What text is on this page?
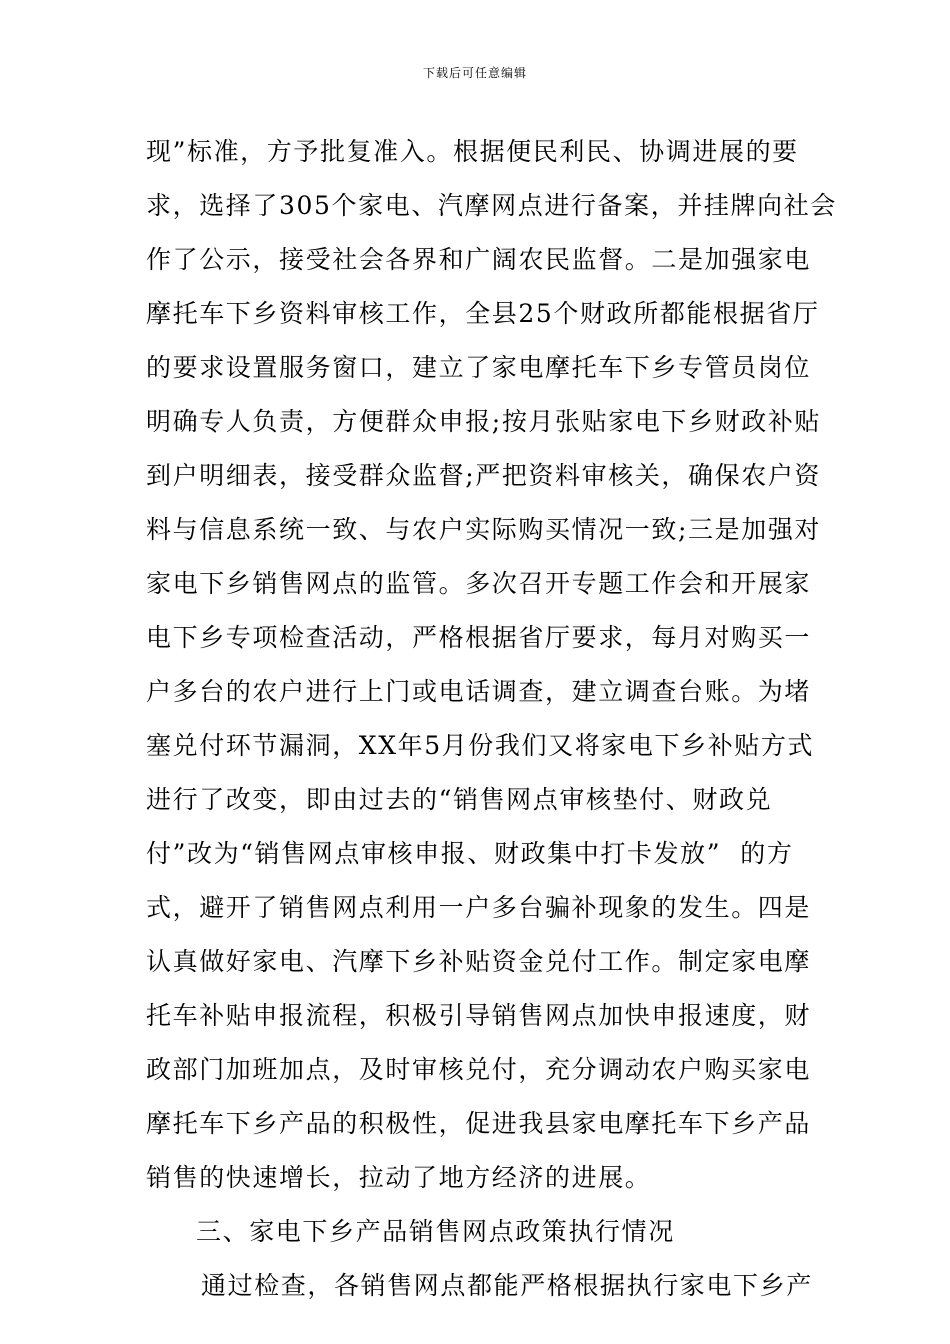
下载后可任意编辑
现”标准，方予批复准入。根据便民利民、协调进展的要
求，选择了305个家电、汽摩网点进行备案，并挂牌向社会
作了公示，接受社会各界和广阔农民监督。二是加强家电
摩托车下乡资料审核工作，全县25个财政所都能根据省厅
的要求设置服务窗口，建立了家电摩托车下乡专管员岗位
明确专人负责，方便群众申报;按月张贴家电下乡财政补贴
到户明细表，接受群众监督;严把资料审核关，确保农户资
料与信息系统一致、与农户实际购买情况一致;三是加强对
家电下乡销售网点的监管。多次召开专题工作会和开展家
电下乡专项检查活动，严格根据省厅要求，每月对购买一
户多台的农户进行上门或电话调查，建立调查台账。为堵
塞兑付环节漏洞，XX年5月份我们又将家电下乡补贴方式
进行了改变，即由过去的“销售网点审核垫付、财政兑
付”改为“销售网点审核申报、财政集中打卡发放”  的方
式，避开了销售网点利用一户多台骗补现象的发生。四是
认真做好家电、汽摩下乡补贴资金兑付工作。制定家电摩
托车补贴申报流程，积极引导销售网点加快申报速度，财
政部门加班加点，及时审核兑付，充分调动农户购买家电
摩托车下乡产品的积极性，促进我县家电摩托车下乡产品
销售的快速增长，拉动了地方经济的进展。
三、家电下乡产品销售网点政策执行情况
通过检查，各销售网点都能严格根据执行家电下乡产
